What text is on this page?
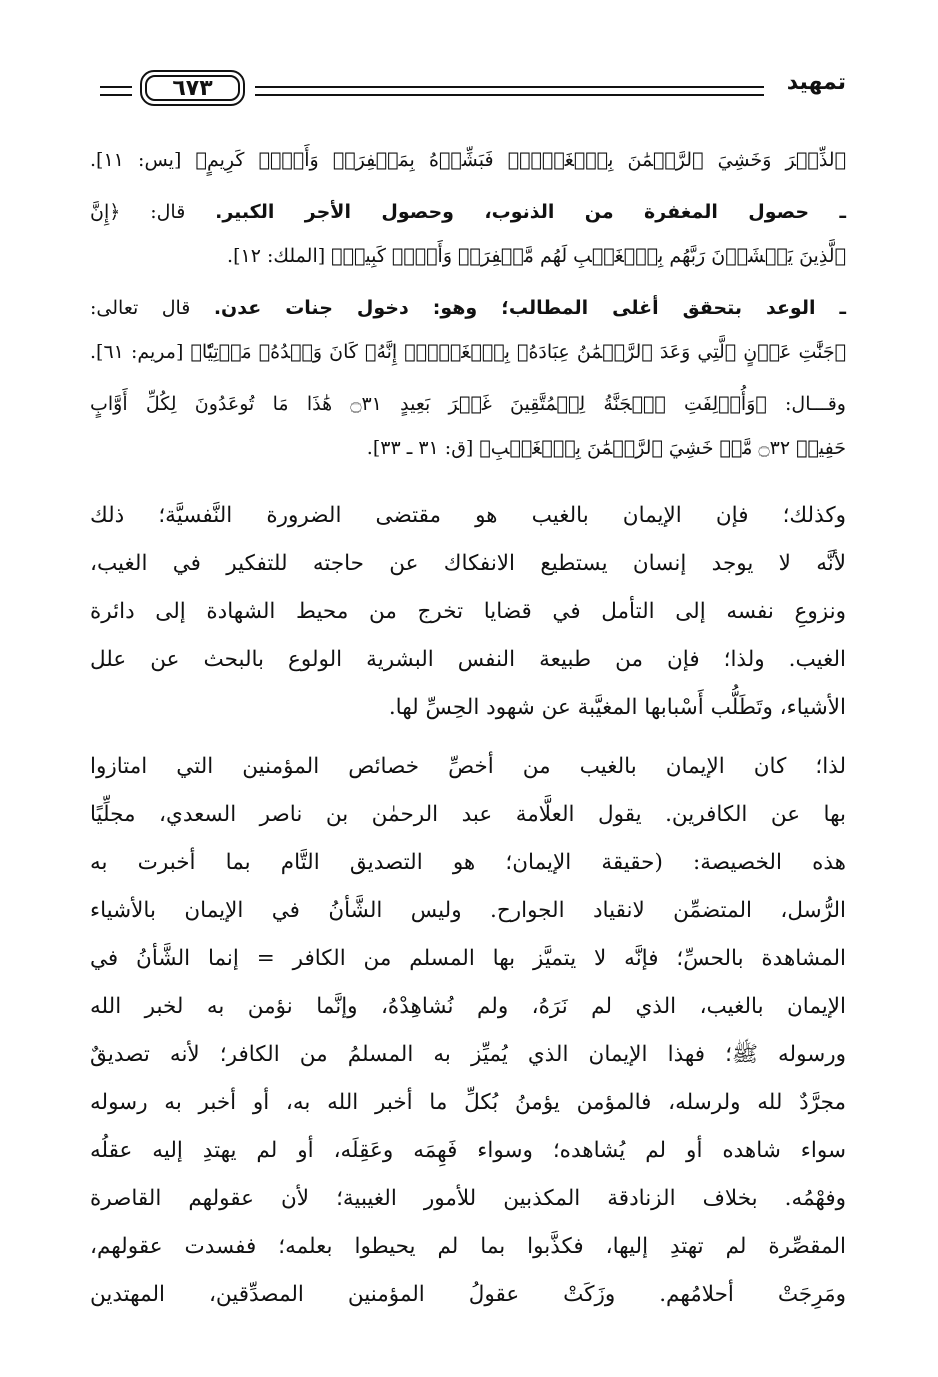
تمهيد
٦٧٣
ٱلذِّكۡرَ وَخَشِيَ ٱلرَّحۡمَٰنَ بِٱلۡغَيۡبِۖ فَبَشِّرۡهُ بِمَغۡفِرَةٖ وَأَجۡرٖ كَرِيمٍ﴾ [يس: ١١].
ـ حصول المغفرة من الذنوب، وحصول الأجر الكبير. قال: ﴿إِنَّ
ٱلَّذِينَ يَخۡشَوۡنَ رَبَّهُم بِٱلۡغَيۡبِ لَهُم مَّغۡفِرَةٞ وَأَجۡرٞ كَبِيرٞ﴾ [الملك: ١٢].
ـ الوعد بتحقق أغلى المطالب؛ وهو: دخول جنات عدن. قال تعالى:
﴿جَنَّٰتِ عَدۡنٍ ٱلَّتِي وَعَدَ ٱلرَّحۡمَٰنُ عِبَادَهُۥ بِٱلۡغَيۡبِۚ إِنَّهُۥ كَانَ وَعۡدُهُۥ مَأۡتِيّٗا﴾ [مريم: ٦١].
وقـــال: ﴿وَأُزۡلِفَتِ ٱلۡجَنَّةُ لِلۡمُتَّقِينَ غَيۡرَ بَعِيدٍ ۝٣١ هَٰذَا مَا تُوعَدُونَ لِكُلِّ أَوَّابٍ
حَفِيظٖ ۝٣٢ مَّنۡ خَشِيَ ٱلرَّحۡمَٰنَ بِٱلۡغَيۡبِ﴾ [ق: ٣١ ـ ٣٣].
وكذلك؛ فإن الإيمان بالغيب هو مقتضى الضرورة النَّفسيَّة؛ ذلك
لأنَّه لا يوجد إنسان يستطيع الانفكاك عن حاجته للتفكير في الغيب،
ونزوعِ نفسه إلى التأمل في قضايا تخرج من محيط الشهادة إلى دائرة
الغيب. ولذا؛ فإن من طبيعة النفس البشرية الولوع بالبحث عن علل
الأشياء، وتَطَلُّب أَسْبابها المغيَّبة عن شهود الحِسِّ لها.
لذا؛ كان الإيمان بالغيب من أخصِّ خصائص المؤمنين التي امتازوا
بها عن الكافرين. يقول العلَّامة عبد الرحمٰن بن ناصر السعدي، مجلِّيًا
هذه الخصيصة: (حقيقة الإيمان؛ هو التصديق التَّام بما أخبرت به
الرُّسل، المتضمِّن لانقياد الجوارح. وليس الشَّأنُ في الإيمان بالأشياء
المشاهدة بالحسِّ؛ فإنَّه لا يتميَّز بها المسلم من الكافر = إنما الشَّأنُ في
الإيمان بالغيب، الذي لم نَرَهُ، ولم نُشاهِدْهُ، وإنَّما نؤمن به لخبر الله
ورسوله ﷺ؛ فهذا الإيمان الذي يُميِّز به المسلمُ من الكافر؛ لأنه تصديقٌ
مجرَّدٌ لله ولرسله، فالمؤمن يؤمنُ بُكلِّ ما أخبر الله به، أو أخبر به رسوله
سواء شاهده أو لم يُشاهده؛ وسواء فَهِمَه وعَقِلَه، أو لم يهتدِ إليه عقلُه
وفهْمُه. بخلاف الزنادقة المكذبين للأمور الغيبية؛ لأن عقولهم القاصرة
المقصِّرة لم تهتدِ إليها، فكذَّبوا بما لم يحيطوا بعلمه؛ ففسدت عقولهم،
ومَرِجَتْ أحلامُهم. وزَكَتْ عقولُ المؤمنين المصدِّقين، المهتدين
